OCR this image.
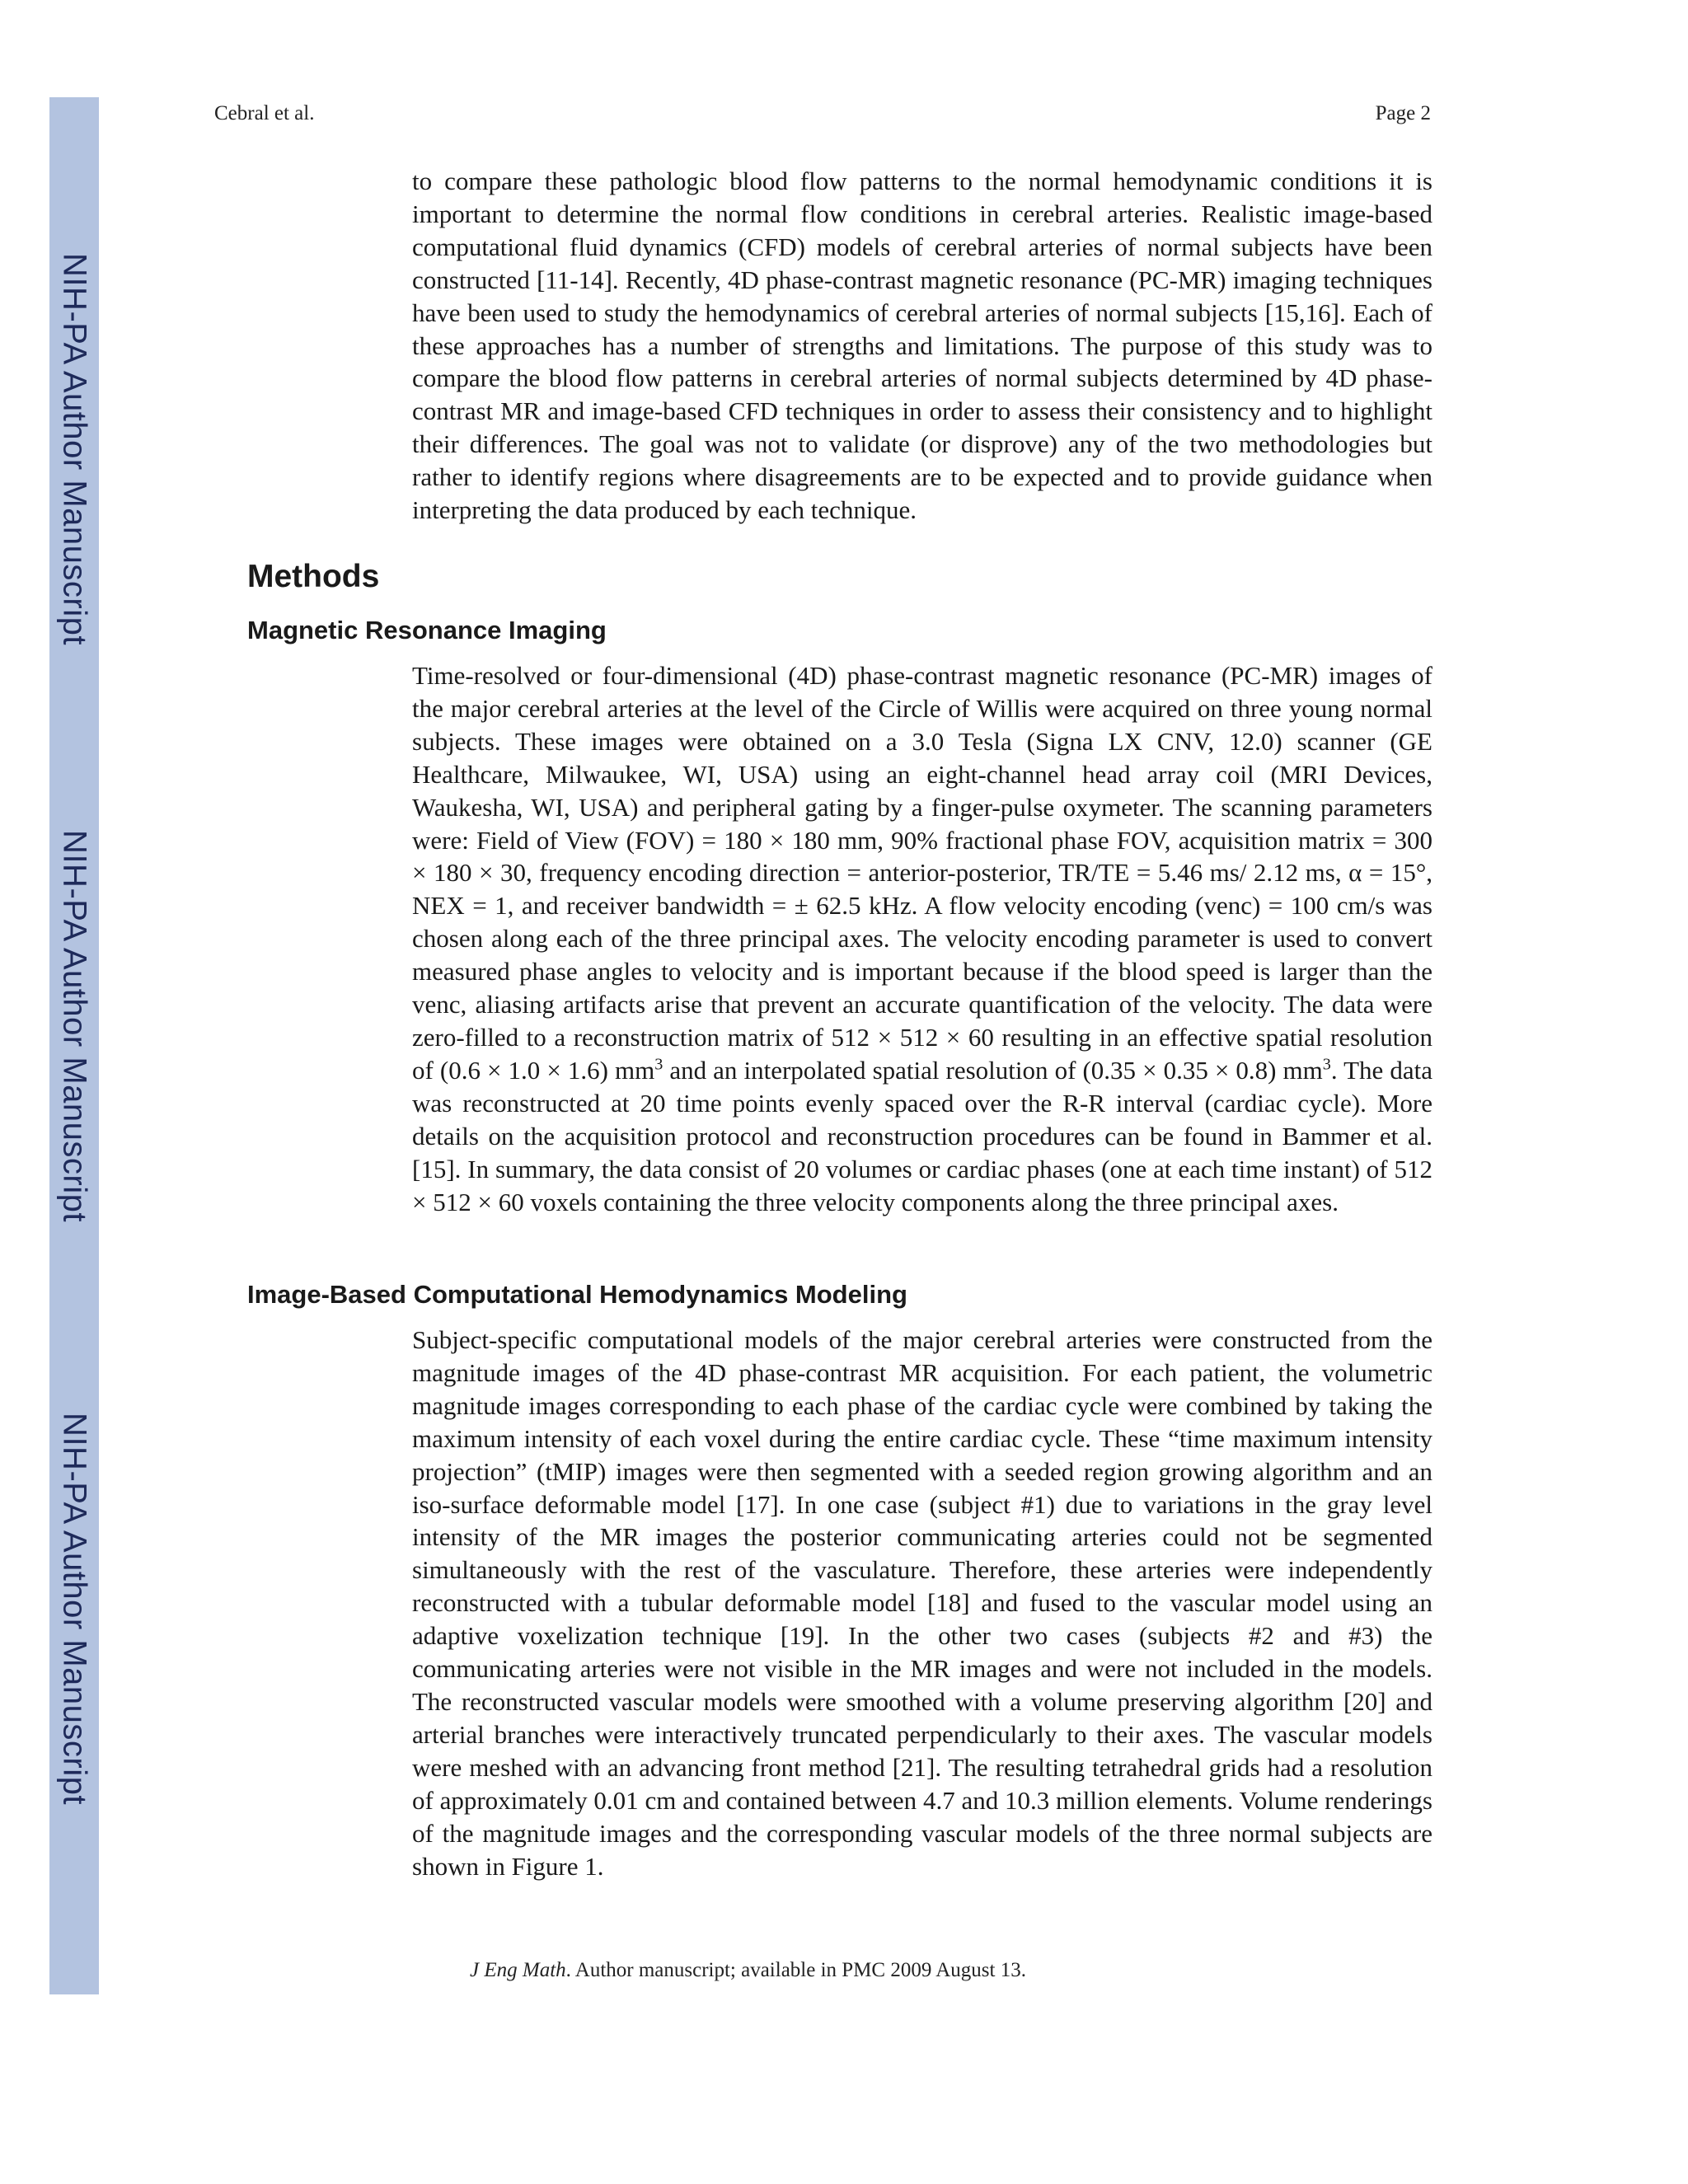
NIH-PA Author Manuscript
NIH-PA Author Manuscript
NIH-PA Author Manuscript
Cebral et al.	Page 2

to compare these pathologic blood flow patterns to the normal hemodynamic conditions it is important to determine the normal flow conditions in cerebral arteries. Realistic image-based computational fluid dynamics (CFD) models of cerebral arteries of normal subjects have been constructed [11-14]. Recently, 4D phase-contrast magnetic resonance (PC-MR) imaging techniques have been used to study the hemodynamics of cerebral arteries of normal subjects [15,16]. Each of these approaches has a number of strengths and limitations. The purpose of this study was to compare the blood flow patterns in cerebral arteries of normal subjects determined by 4D phase-contrast MR and image-based CFD techniques in order to assess their consistency and to highlight their differences. The goal was not to validate (or disprove) any of the two methodologies but rather to identify regions where disagreements are to be expected and to provide guidance when interpreting the data produced by each technique.

Methods
Magnetic Resonance Imaging

Time-resolved or four-dimensional (4D) phase-contrast magnetic resonance (PC-MR) images of the major cerebral arteries at the level of the Circle of Willis were acquired on three young normal subjects. These images were obtained on a 3.0 Tesla (Signa LX CNV, 12.0) scanner (GE Healthcare, Milwaukee, WI, USA) using an eight-channel head array coil (MRI Devices, Waukesha, WI, USA) and peripheral gating by a finger-pulse oxymeter. The scanning parameters were: Field of View (FOV) = 180 × 180 mm, 90% fractional phase FOV, acquisition matrix = 300 × 180 × 30, frequency encoding direction = anterior-posterior, TR/TE = 5.46 ms/ 2.12 ms, α = 15°, NEX = 1, and receiver bandwidth = ± 62.5 kHz. A flow velocity encoding (venc) = 100 cm/s was chosen along each of the three principal axes. The velocity encoding parameter is used to convert measured phase angles to velocity and is important because if the blood speed is larger than the venc, aliasing artifacts arise that prevent an accurate quantification of the velocity. The data were zero-filled to a reconstruction matrix of 512 × 512 × 60 resulting in an effective spatial resolution of (0.6 × 1.0 × 1.6) $mm^3$ and an interpolated spatial resolution of (0.35 × 0.35 × 0.8) $mm^3$. The data was reconstructed at 20 time points evenly spaced over the R-R interval (cardiac cycle). More details on the acquisition protocol and reconstruction procedures can be found in Bammer et al. [15]. In summary, the data consist of 20 volumes or cardiac phases (one at each time instant) of 512 × 512 × 60 voxels containing the three velocity components along the three principal axes.

Image-Based Computational Hemodynamics Modeling

Subject-specific computational models of the major cerebral arteries were constructed from the magnitude images of the 4D phase-contrast MR acquisition. For each patient, the volumetric magnitude images corresponding to each phase of the cardiac cycle were combined by taking the maximum intensity of each voxel during the entire cardiac cycle. These “time maximum intensity projection” (tMIP) images were then segmented with a seeded region growing algorithm and an iso-surface deformable model [17]. In one case (subject #1) due to variations in the gray level intensity of the MR images the posterior communicating arteries could not be segmented simultaneously with the rest of the vasculature. Therefore, these arteries were independently reconstructed with a tubular deformable model [18] and fused to the vascular model using an adaptive voxelization technique [19]. In the other two cases (subjects #2 and #3) the communicating arteries were not visible in the MR images and were not included in the models. The reconstructed vascular models were smoothed with a volume preserving algorithm [20] and arterial branches were interactively truncated perpendicularly to their axes. The vascular models were meshed with an advancing front method [21]. The resulting tetrahedral grids had a resolution of approximately 0.01 cm and contained between 4.7 and 10.3 million elements. Volume renderings of the magnitude images and the corresponding vascular models of the three normal subjects are shown in Figure 1.

J Eng Math. Author manuscript; available in PMC 2009 August 13.
